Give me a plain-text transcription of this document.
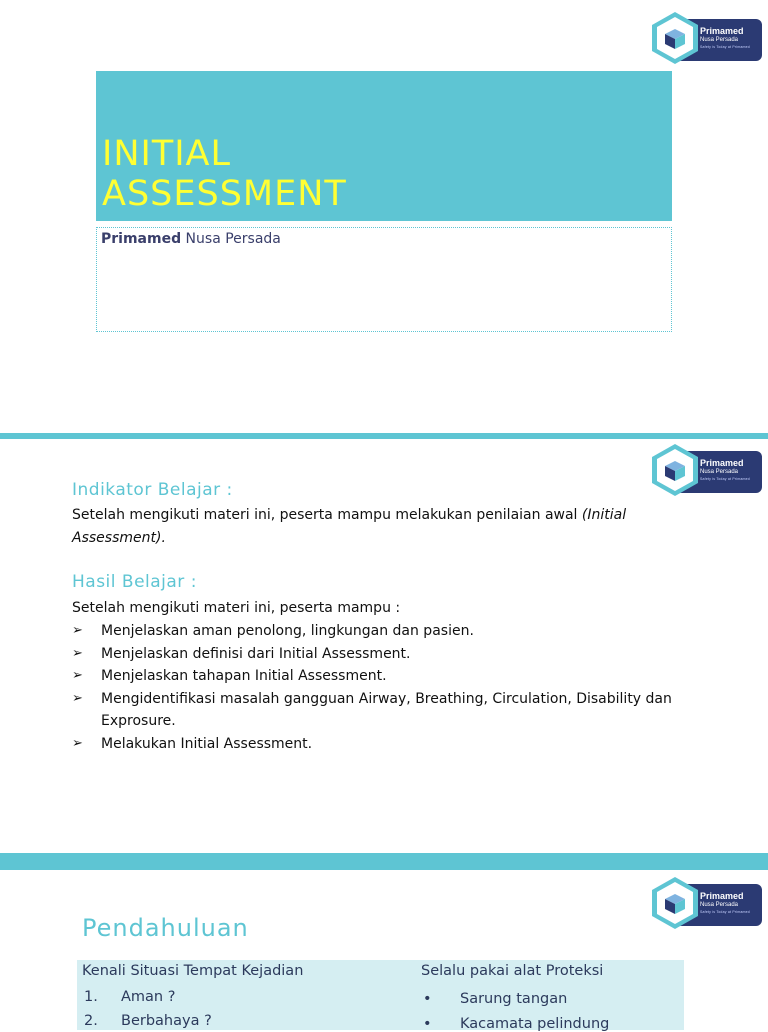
Primamed
Nusa Persada
Safety is Today at Primamed
INITIAL
ASSESSMENT
Primamed Nusa Persada
Primamed
Nusa Persada
Safety is Today at Primamed
Indikator Belajar :
Setelah mengikuti materi ini, peserta mampu melakukan penilaian awal (Initial
Assessment).
Hasil Belajar :
Setelah mengikuti materi ini, peserta mampu :
➢ Menjelaskan aman penolong, lingkungan dan pasien.
➢ Menjelaskan definisi dari Initial Assessment.
➢ Menjelaskan tahapan Initial Assessment.
➢ Mengidentifikasi masalah gangguan Airway, Breathing, Circulation, Disability dan
Exprosure.
➢ Melakukan Initial Assessment.
Primamed
Nusa Persada
Safety is Today at Primamed
Pendahuluan
Kenali Situasi Tempat Kejadian
1. Aman ?
2. Berbahaya ?
Selalu pakai alat Proteksi
• Sarung tangan
• Kacamata pelindung
